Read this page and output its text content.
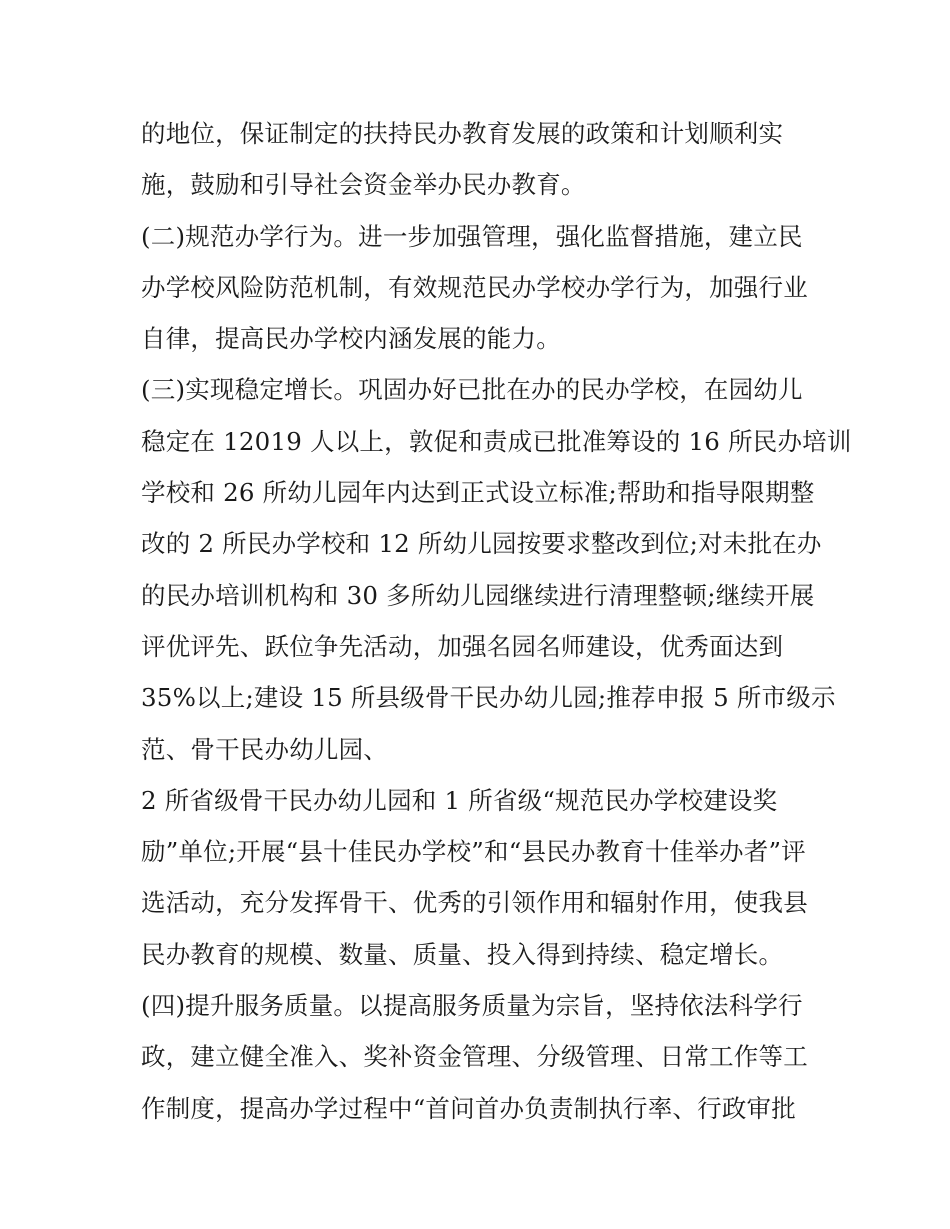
的地位，保证制定的扶持民办教育发展的政策和计划顺利实
施，鼓励和引导社会资金举办民办教育。
(二)规范办学行为。进一步加强管理，强化监督措施，建立民
办学校风险防范机制，有效规范民办学校办学行为，加强行业
自律，提高民办学校内涵发展的能力。
(三)实现稳定增长。巩固办好已批在办的民办学校，在园幼儿
稳定在 12019 人以上，敦促和责成已批准筹设的 16 所民办培训
学校和 26 所幼儿园年内达到正式设立标准;帮助和指导限期整
改的 2 所民办学校和 12 所幼儿园按要求整改到位;对未批在办
的民办培训机构和 30 多所幼儿园继续进行清理整顿;继续开展
评优评先、跃位争先活动，加强名园名师建设，优秀面达到
35%以上;建设 15 所县级骨干民办幼儿园;推荐申报 5 所市级示
范、骨干民办幼儿园、
2 所省级骨干民办幼儿园和 1 所省级“规范民办学校建设奖
励”单位;开展“县十佳民办学校”和“县民办教育十佳举办者”评
选活动，充分发挥骨干、优秀的引领作用和辐射作用，使我县
民办教育的规模、数量、质量、投入得到持续、稳定增长。
(四)提升服务质量。以提高服务质量为宗旨，坚持依法科学行
政，建立健全准入、奖补资金管理、分级管理、日常工作等工
作制度，提高办学过程中“首问首办负责制执行率、行政审批
